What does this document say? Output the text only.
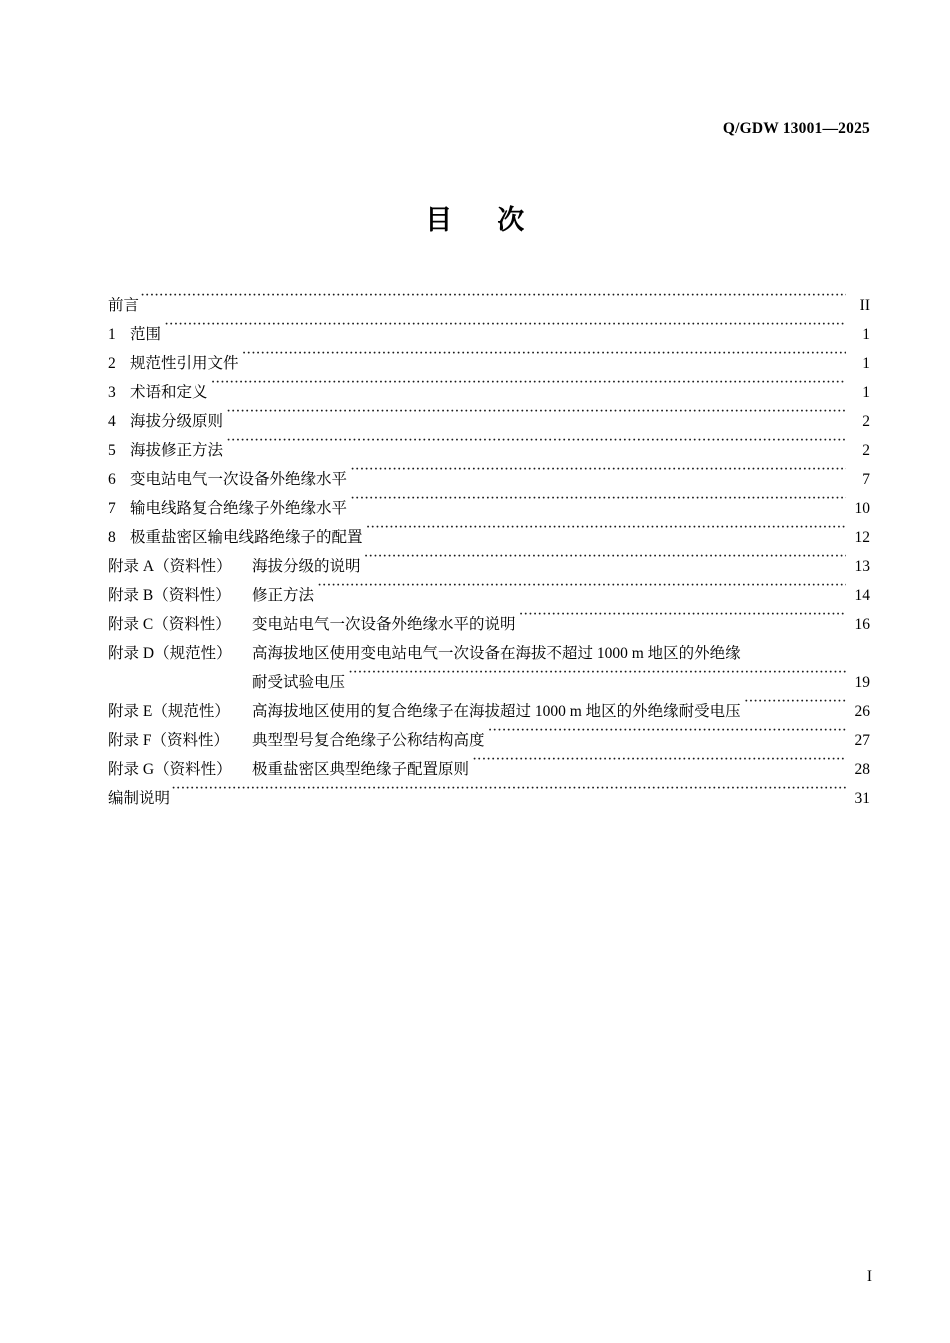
Q/GDW 13001—2025
目 次
前言 ·····	II
1 范围 ·····	1
2 规范性引用文件 ·····	1
3 术语和定义 ·····	1
4 海拔分级原则 ·····	2
5 海拔修正方法 ·····	2
6 变电站电气一次设备外绝缘水平 ·····	7
7 输电线路复合绝缘子外绝缘水平 ·····	10
8 极重盐密区输电线路绝缘子的配置 ·····	12
附录 A（资料性）	海拔分级的说明 ·····	13
附录 B（资料性）	修正方法 ·····	14
附录 C（资料性）	变电站电气一次设备外绝缘水平的说明 ·····	16
附录 D（规范性）	高海拔地区使用变电站电气一次设备在海拔不超过 1000 m 地区的外绝缘
耐受试验电压 ·····	19
附录 E（规范性）	高海拔地区使用的复合绝缘子在海拔超过 1000 m 地区的外绝缘耐受电压 ·····	26
附录 F（资料性）	典型型号复合绝缘子公称结构高度 ·····	27
附录 G（资料性）	极重盐密区典型绝缘子配置原则 ·····	28
编制说明 ·····	31
I
